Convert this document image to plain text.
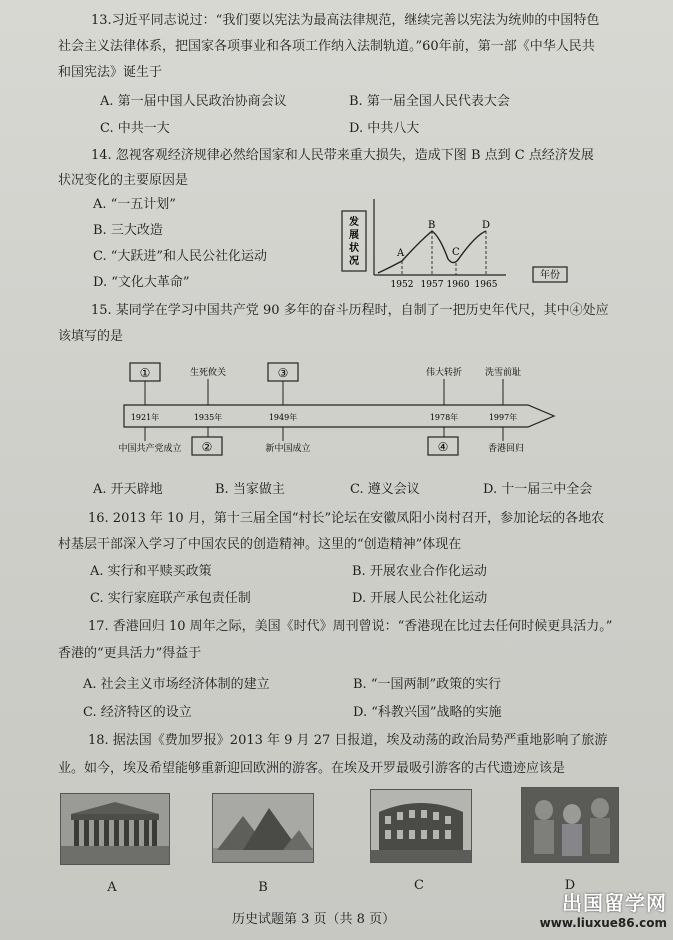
13.习近平同志说过：“我们要以宪法为最高法律规范，继续完善以宪法为统帅的中国特色
社会主义法律体系，把国家各项事业和各项工作纳入法制轨道。”60年前，第一部《中华人民共
和国宪法》诞生于
A. 第一届中国人民政治协商会议	B. 第一届全国人民代表大会
C. 中共一大	D. 中共八大
14. 忽视客观经济规律必然给国家和人民带来重大损失，造成下图 B 点到 C 点经济发展
状况变化的主要原因是
A. “一五计划”
B. 三大改造
C. “大跃进”和人民公社化运动
D. “文化大革命”
发
展
状
况
年份
A
B
C
D
1952 1957 1960 1965
15. 某同学在学习中国共产党 90 多年的奋斗历程时，自制了一把历史年代尺，其中④处应
该填写的是
①	生死攸关	③	伟大转折	洗雪前耻
1921年	1935年	1949年	1978年	1997年
中国共产党成立 ②	新中国成立	④	香港回归
A. 开天辟地	B. 当家做主	C. 遵义会议	D. 十一届三中全会
16. 2013 年 10 月，第十三届全国“村长”论坛在安徽凤阳小岗村召开，参加论坛的各地农
村基层干部深入学习了中国农民的创造精神。这里的“创造精神”体现在
A. 实行和平赎买政策	B. 开展农业合作化运动
C. 实行家庭联产承包责任制	D. 开展人民公社化运动
17. 香港回归 10 周年之际，美国《时代》周刊曾说：“香港现在比过去任何时候更具活力。”
香港的“更具活力”得益于
A. 社会主义市场经济体制的建立	B. “一国两制”政策的实行
C. 经济特区的设立	D. “科教兴国”战略的实施
18. 据法国《费加罗报》2013 年 9 月 27 日报道，埃及动荡的政治局势严重地影响了旅游
业。如今，埃及希望能够重新迎回欧洲的游客。在埃及开罗最吸引游客的古代遗迹应该是
A	B	C	D
历史试题第 3 页（共 8 页）
出国留学网
www.liuxue86.com
